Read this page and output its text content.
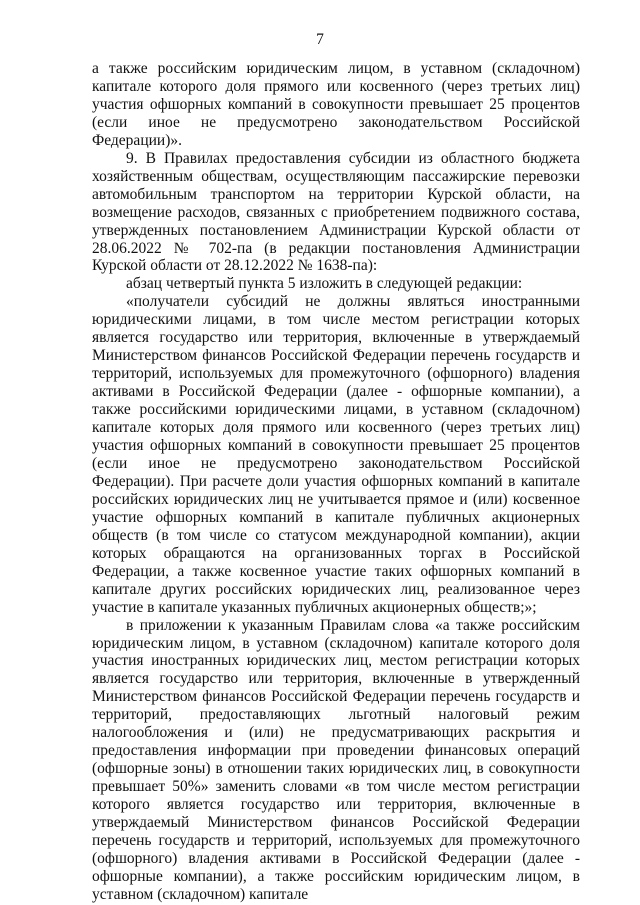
7

а также российским юридическим лицом, в уставном (складочном) капитале которого доля прямого или косвенного (через третьих лиц) участия офшорных компаний в совокупности превышает 25 процентов (если иное не предусмотрено законодательством Российской Федерации)».

9. В Правилах предоставления субсидии из областного бюджета хозяйственным обществам, осуществляющим пассажирские перевозки автомобильным транспортом на территории Курской области, на возмещение расходов, связанных с приобретением подвижного состава, утвержденных постановлением Администрации Курской области от 28.06.2022 № 702-па (в редакции постановления Администрации Курской области от 28.12.2022 № 1638-па):

абзац четвертый пункта 5 изложить в следующей редакции:

«получатели субсидий не должны являться иностранными юридическими лицами, в том числе местом регистрации которых является государство или территория, включенные в утверждаемый Министерством финансов Российской Федерации перечень государств и территорий, используемых для промежуточного (офшорного) владения активами в Российской Федерации (далее - офшорные компании), а также российскими юридическими лицами, в уставном (складочном) капитале которых доля прямого или косвенного (через третьих лиц) участия офшорных компаний в совокупности превышает 25 процентов (если иное не предусмотрено законодательством Российской Федерации). При расчете доли участия офшорных компаний в капитале российских юридических лиц не учитывается прямое и (или) косвенное участие офшорных компаний в капитале публичных акционерных обществ (в том числе со статусом международной компании), акции которых обращаются на организованных торгах в Российской Федерации, а также косвенное участие таких офшорных компаний в капитале других российских юридических лиц, реализованное через участие в капитале указанных публичных акционерных обществ;»;

в приложении к указанным Правилам слова «а также российским юридическим лицом, в уставном (складочном) капитале которого доля участия иностранных юридических лиц, местом регистрации которых является государство или территория, включенные в утвержденный Министерством финансов Российской Федерации перечень государств и территорий, предоставляющих льготный налоговый режим налогообложения и (или) не предусматривающих раскрытия и предоставления информации при проведении финансовых операций (офшорные зоны) в отношении таких юридических лиц, в совокупности превышает 50%» заменить словами «в том числе местом регистрации которого является государство или территория, включенные в утверждаемый Министерством финансов Российской Федерации перечень государств и территорий, используемых для промежуточного (офшорного) владения активами в Российской Федерации (далее - офшорные компании), а также российским юридическим лицом, в уставном (складочном) капитале
